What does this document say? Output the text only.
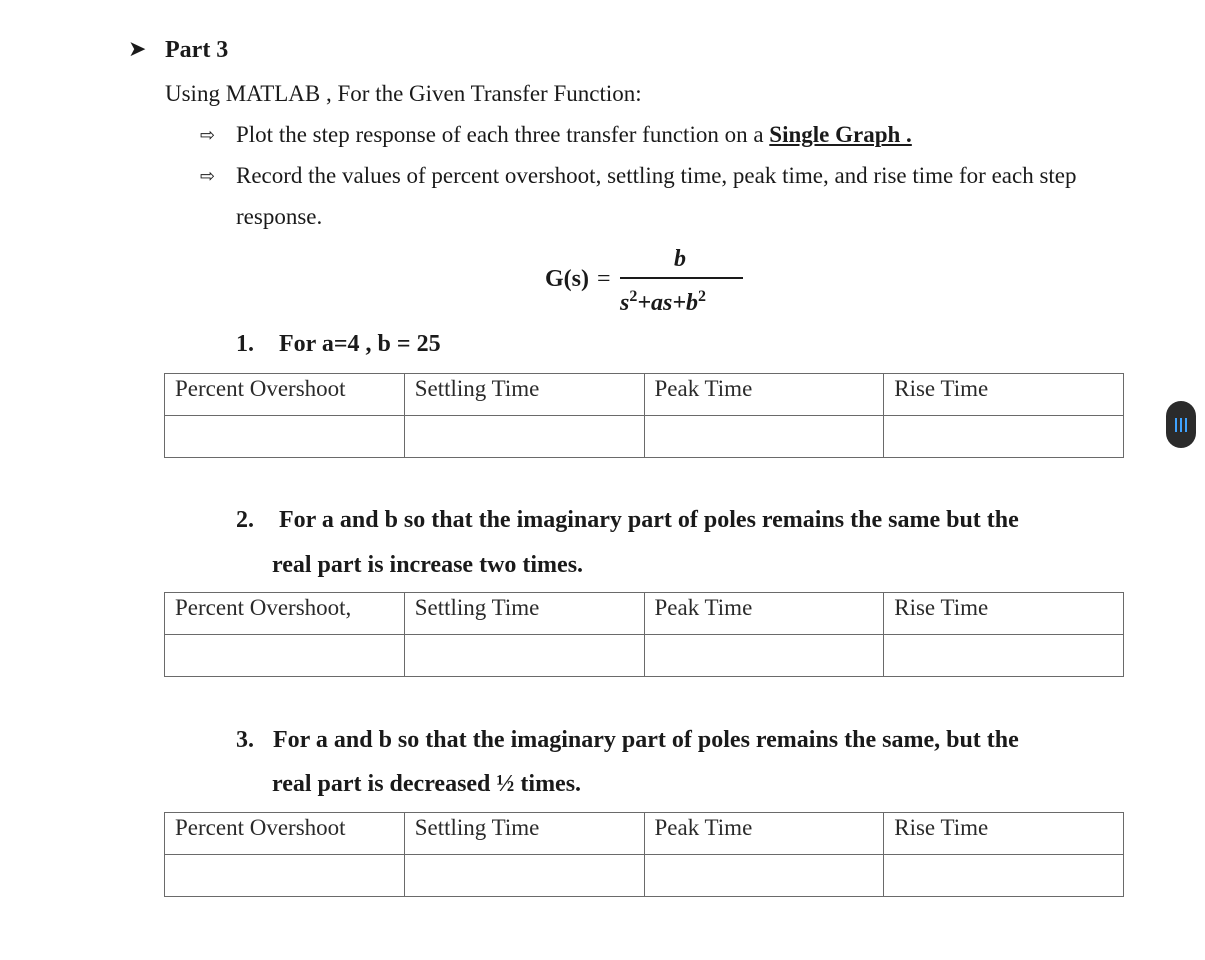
➤ Part 3
Using MATLAB , For the Given Transfer Function:
⇨ Plot the step response of each three transfer function on a Single Graph .
⇨ Record the values of percent overshoot, settling time, peak time, and rise time for each step
response.
G(s) =
b
$s^2+as+b^2$
1. For a=4 , b = 25
Percent Overshoot	Settling Time	Peak Time	Rise Time

2. For a and b so that the imaginary part of poles remains the same but the
real part is increase two times.
Percent Overshoot,	Settling Time	Peak Time	Rise Time

3. For a and b so that the imaginary part of poles remains the same, but the
real part is decreased ½ times.
Percent Overshoot	Settling Time	Peak Time	Rise Time
